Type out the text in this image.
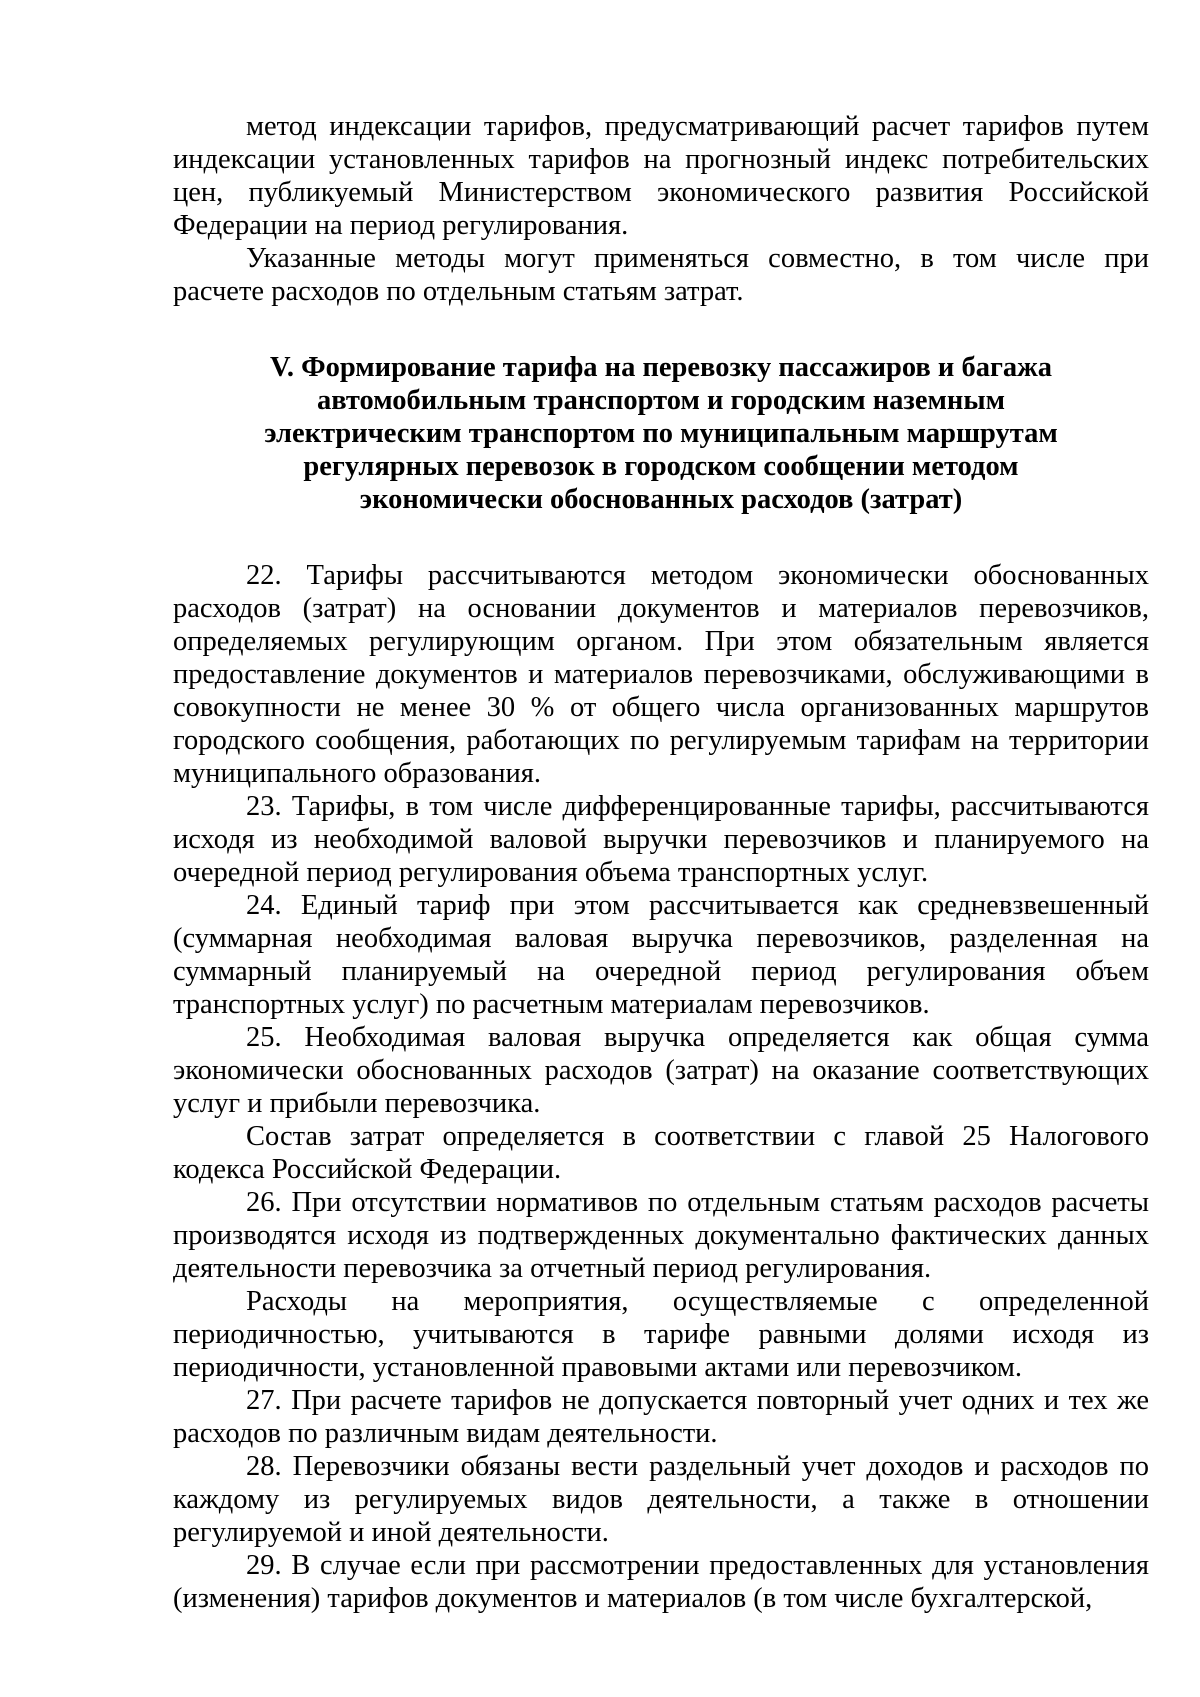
метод индексации тарифов, предусматривающий расчет тарифов путем индексации установленных тарифов на прогнозный индекс потребительских цен, публикуемый Министерством экономического развития Российской Федерации на период регулирования.

Указанные методы могут применяться совместно, в том числе при расчете расходов по отдельным статьям затрат.

V. Формирование тарифа на перевозку пассажиров и багажа
автомобильным транспортом и городским наземным
электрическим транспортом по муниципальным маршрутам
регулярных перевозок в городском сообщении методом
экономически обоснованных расходов (затрат)

22. Тарифы рассчитываются методом экономически обоснованных расходов (затрат) на основании документов и материалов перевозчиков, определяемых регулирующим органом. При этом обязательным является предоставление документов и материалов перевозчиками, обслуживающими в совокупности не менее 30 % от общего числа организованных маршрутов городского сообщения, работающих по регулируемым тарифам на территории муниципального образования.

23. Тарифы, в том числе дифференцированные тарифы, рассчитываются исходя из необходимой валовой выручки перевозчиков и планируемого на очередной период регулирования объема транспортных услуг.

24. Единый тариф при этом рассчитывается как средневзвешенный (суммарная необходимая валовая выручка перевозчиков, разделенная на суммарный планируемый на очередной период регулирования объем транспортных услуг) по расчетным материалам перевозчиков.

25. Необходимая валовая выручка определяется как общая сумма экономически обоснованных расходов (затрат) на оказание соответствующих услуг и прибыли перевозчика.

Состав затрат определяется в соответствии с главой 25 Налогового кодекса Российской Федерации.

26. При отсутствии нормативов по отдельным статьям расходов расчеты производятся исходя из подтвержденных документально фактических данных деятельности перевозчика за отчетный период регулирования.

Расходы на мероприятия, осуществляемые с определенной периодичностью, учитываются в тарифе равными долями исходя из периодичности, установленной правовыми актами или перевозчиком.

27. При расчете тарифов не допускается повторный учет одних и тех же расходов по различным видам деятельности.

28. Перевозчики обязаны вести раздельный учет доходов и расходов по каждому из регулируемых видов деятельности, а также в отношении регулируемой и иной деятельности.

29. В случае если при рассмотрении предоставленных для установления (изменения) тарифов документов и материалов (в том числе бухгалтерской,
